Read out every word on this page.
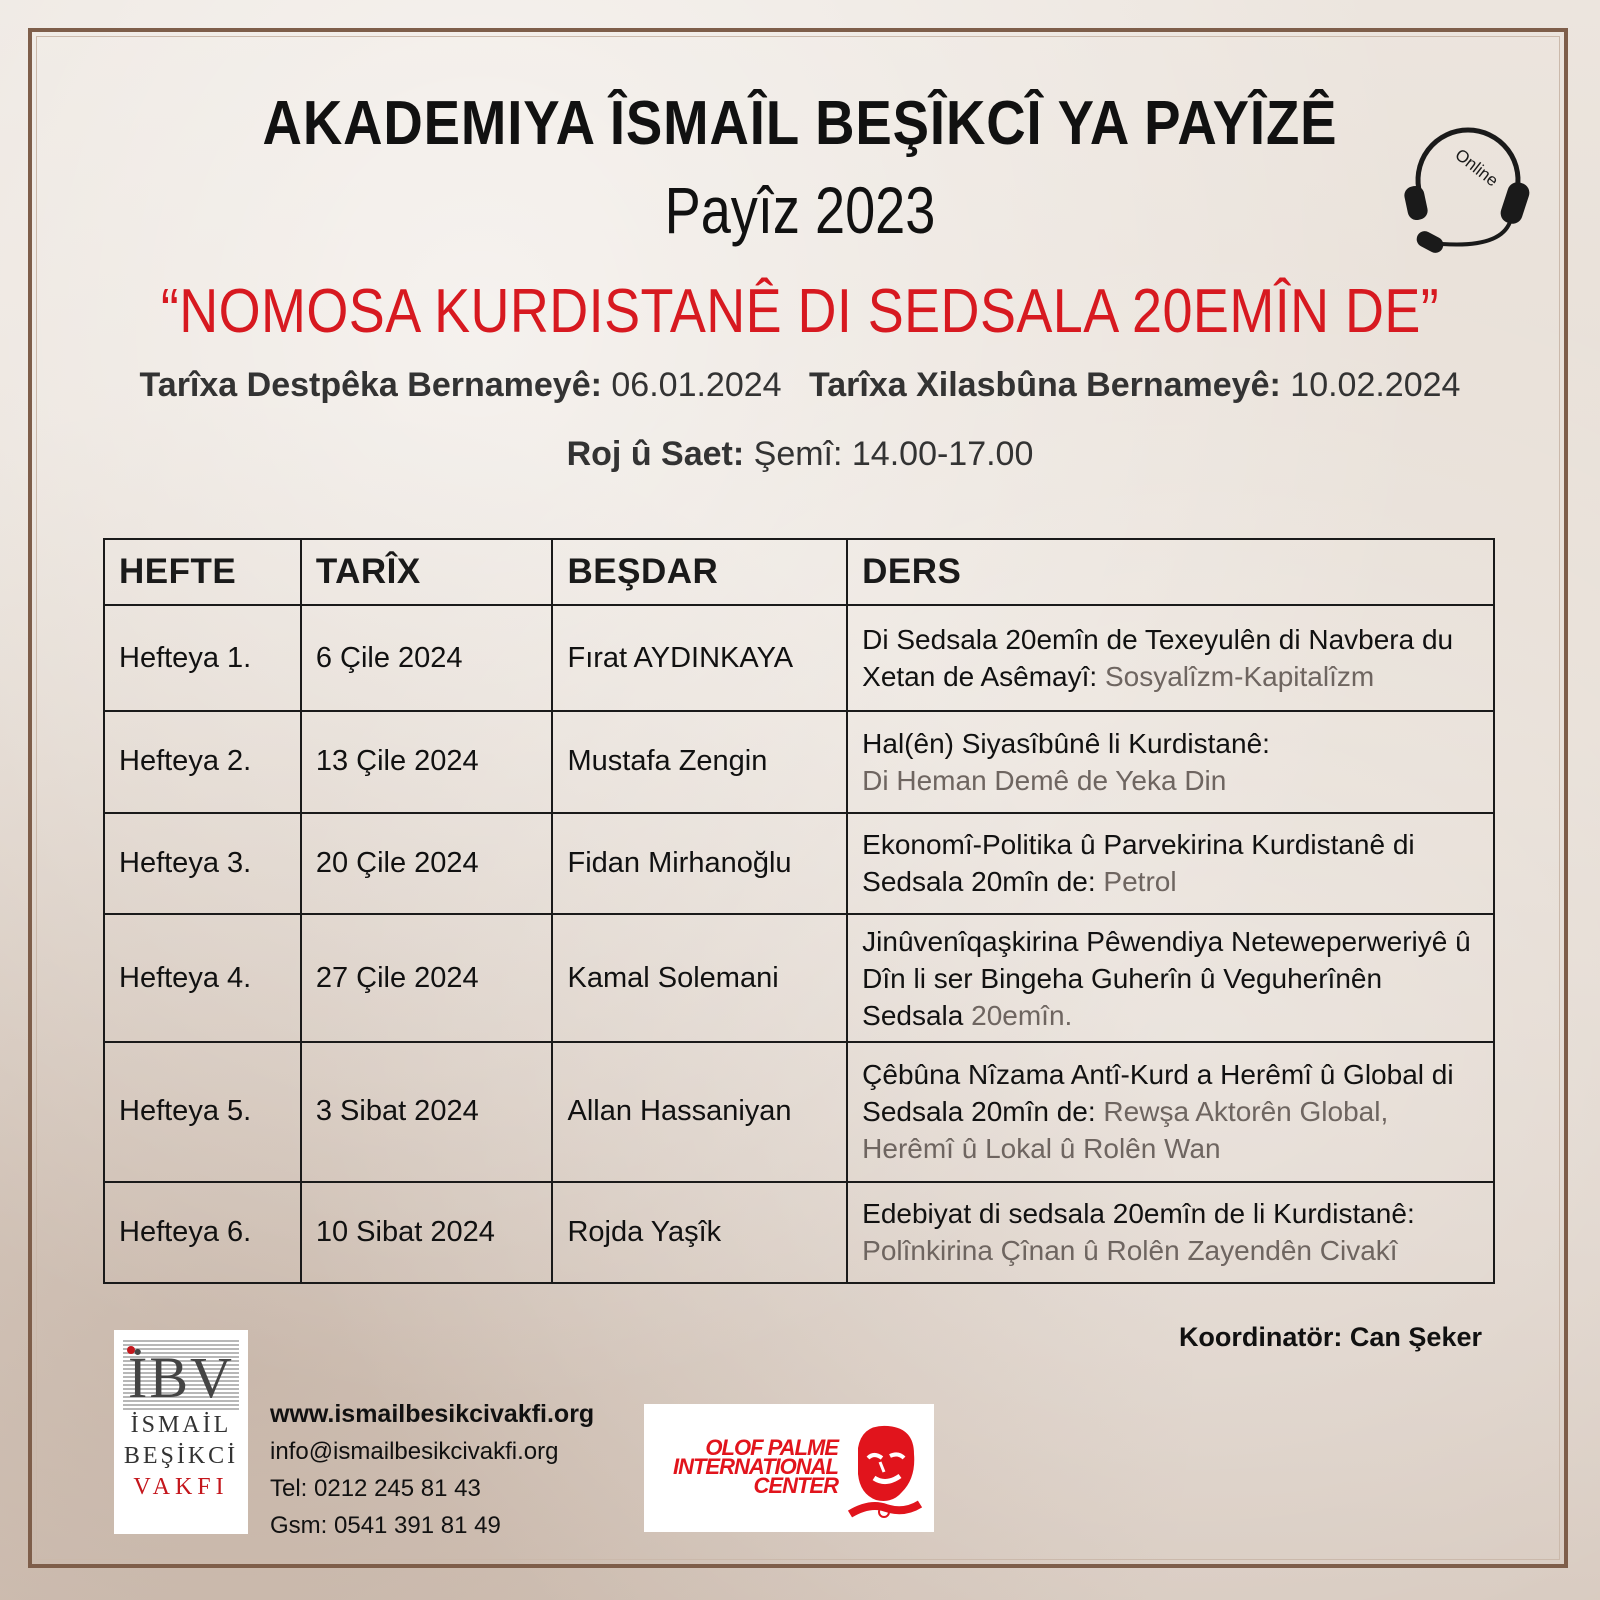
AKADEMIYA ÎSMAÎL BEŞÎKCÎ YA PAYÎZÊ
Payîz 2023
Online
“NOMOSA KURDISTANÊ DI SEDSALA 20EMÎN DE”
Tarîxa Destpêka Bernameyê: 06.01.2024 Tarîxa Xilasbûna Bernameyê: 10.02.2024
Roj û Saet: Şemî: 14.00-17.00
HEFTE	TARÎX	BEŞDAR	DERS
Hefteya 1.	6 Çile 2024	Fırat AYDINKAYA	Di Sedsala 20emîn de Texeyulên di Navbera du Xetan de Asêmayî: Sosyalîzm-Kapitalîzm
Hefteya 2.	13 Çile 2024	Mustafa Zengin	Hal(ên) Siyasîbûnê li Kurdistanê:
Di Heman Demê de Yeka Din
Hefteya 3.	20 Çile 2024	Fidan Mirhanoğlu	Ekonomî-Politika û Parvekirina Kurdistanê di Sedsala 20mîn de: Petrol
Hefteya 4.	27 Çile 2024	Kamal Solemani	Jinûvenîqaşkirina Pêwendiya Neteweperweriyê û Dîn li ser Bingeha Guherîn û Veguherînên Sedsala 20emîn.
Hefteya 5.	3 Sibat 2024	Allan Hassaniyan	Çêbûna Nîzama Antî-Kurd a Herêmî û Global di Sedsala 20mîn de: Rewşa Aktorên Global, Herêmî û Lokal û Rolên Wan
Hefteya 6.	10 Sibat 2024	Rojda Yaşîk	Edebiyat di sedsala 20emîn de li Kurdistanê:
Polînkirina Çînan û Rolên Zayendên Civakî
Koordinatör: Can Şeker
İBV
İSMAİL
BEŞİKCİ
VAKFI
www.ismailbesikcivakfi.org
info@ismailbesikcivakfi.org
Tel: 0212 245 81 43
Gsm: 0541 391 81 49
OLOF PALME
INTERNATIONAL
CENTER
